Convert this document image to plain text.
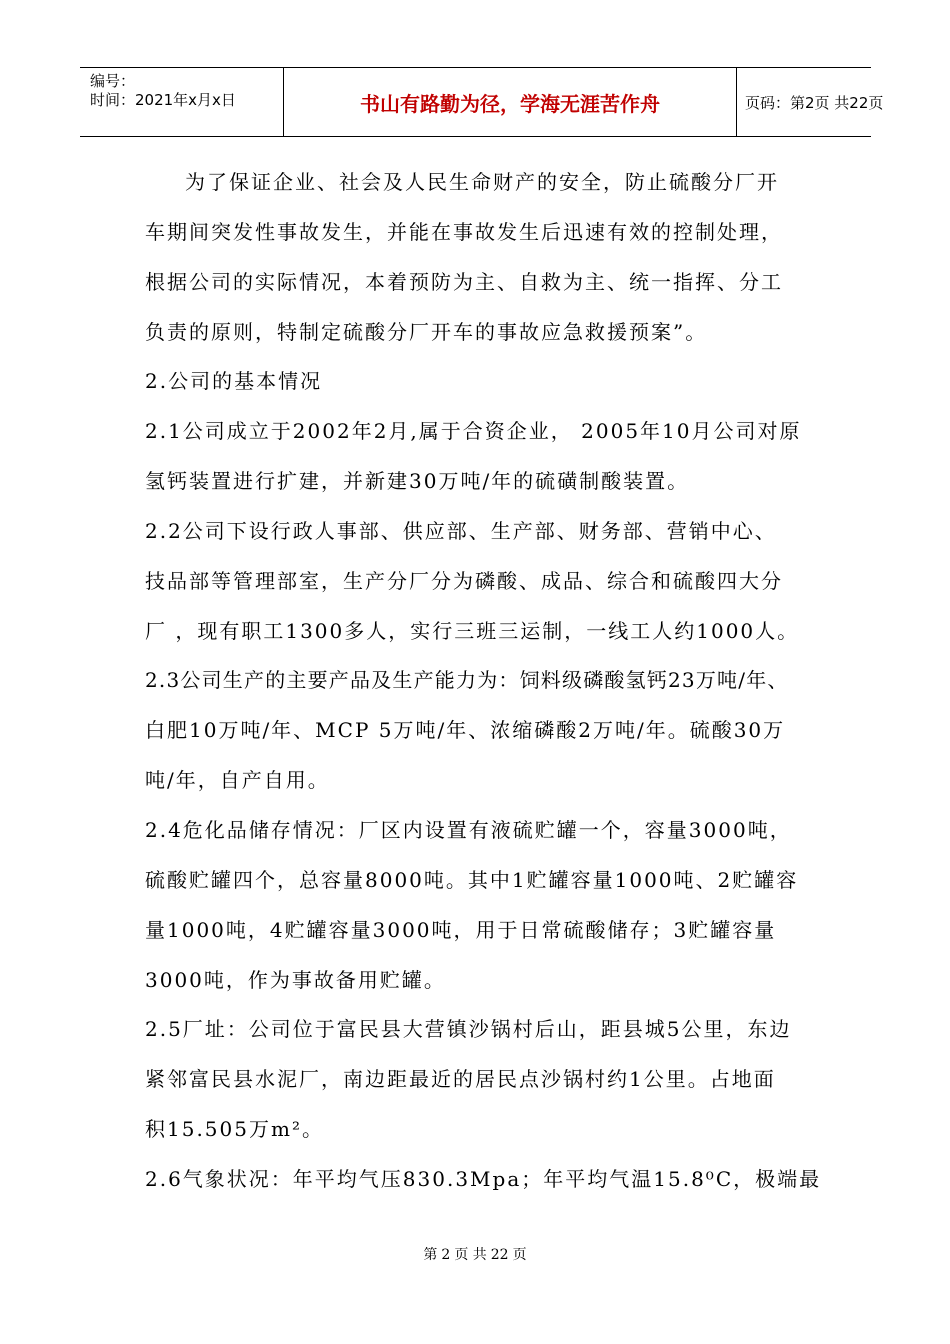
编号：
时间：2021年x月x日	书山有路勤为径，学海无涯苦作舟	页码：第2页 共22页
为了保证企业、社会及人民生命财产的安全，防止硫酸分厂开
车期间突发性事故发生，并能在事故发生后迅速有效的控制处理，
根据公司的实际情况，本着预防为主、自救为主、统一指挥、分工
负责的原则，特制定硫酸分厂开车的事故应急救援预案”。
2.公司的基本情况
2.1公司成立于2002年2月,属于合资企业， 2005年10月公司对原
氢钙装置进行扩建，并新建30万吨/年的硫磺制酸装置。
2.2公司下设行政人事部、供应部、生产部、财务部、营销中心、
技品部等管理部室，生产分厂分为磷酸、成品、综合和硫酸四大分
厂 ，现有职工1300多人，实行三班三运制，一线工人约1000人。
2.3公司生产的主要产品及生产能力为：饲料级磷酸氢钙23万吨/年、
白肥10万吨/年、MCP 5万吨/年、浓缩磷酸2万吨/年。硫酸30万
吨/年，自产自用。
2.4危化品储存情况：厂区内设置有液硫贮罐一个，容量3000吨，
硫酸贮罐四个，总容量8000吨。其中1贮罐容量1000吨、2贮罐容
量1000吨，4贮罐容量3000吨，用于日常硫酸储存；3贮罐容量
3000吨，作为事故备用贮罐。
2.5厂址：公司位于富民县大营镇沙锅村后山，距县城5公里，东边
紧邻富民县水泥厂，南边距最近的居民点沙锅村约1公里。占地面
积15.505万m²。
2.6气象状况：年平均气压830.3Mpa；年平均气温15.8⁰C，极端最
第 2 页 共 22 页
